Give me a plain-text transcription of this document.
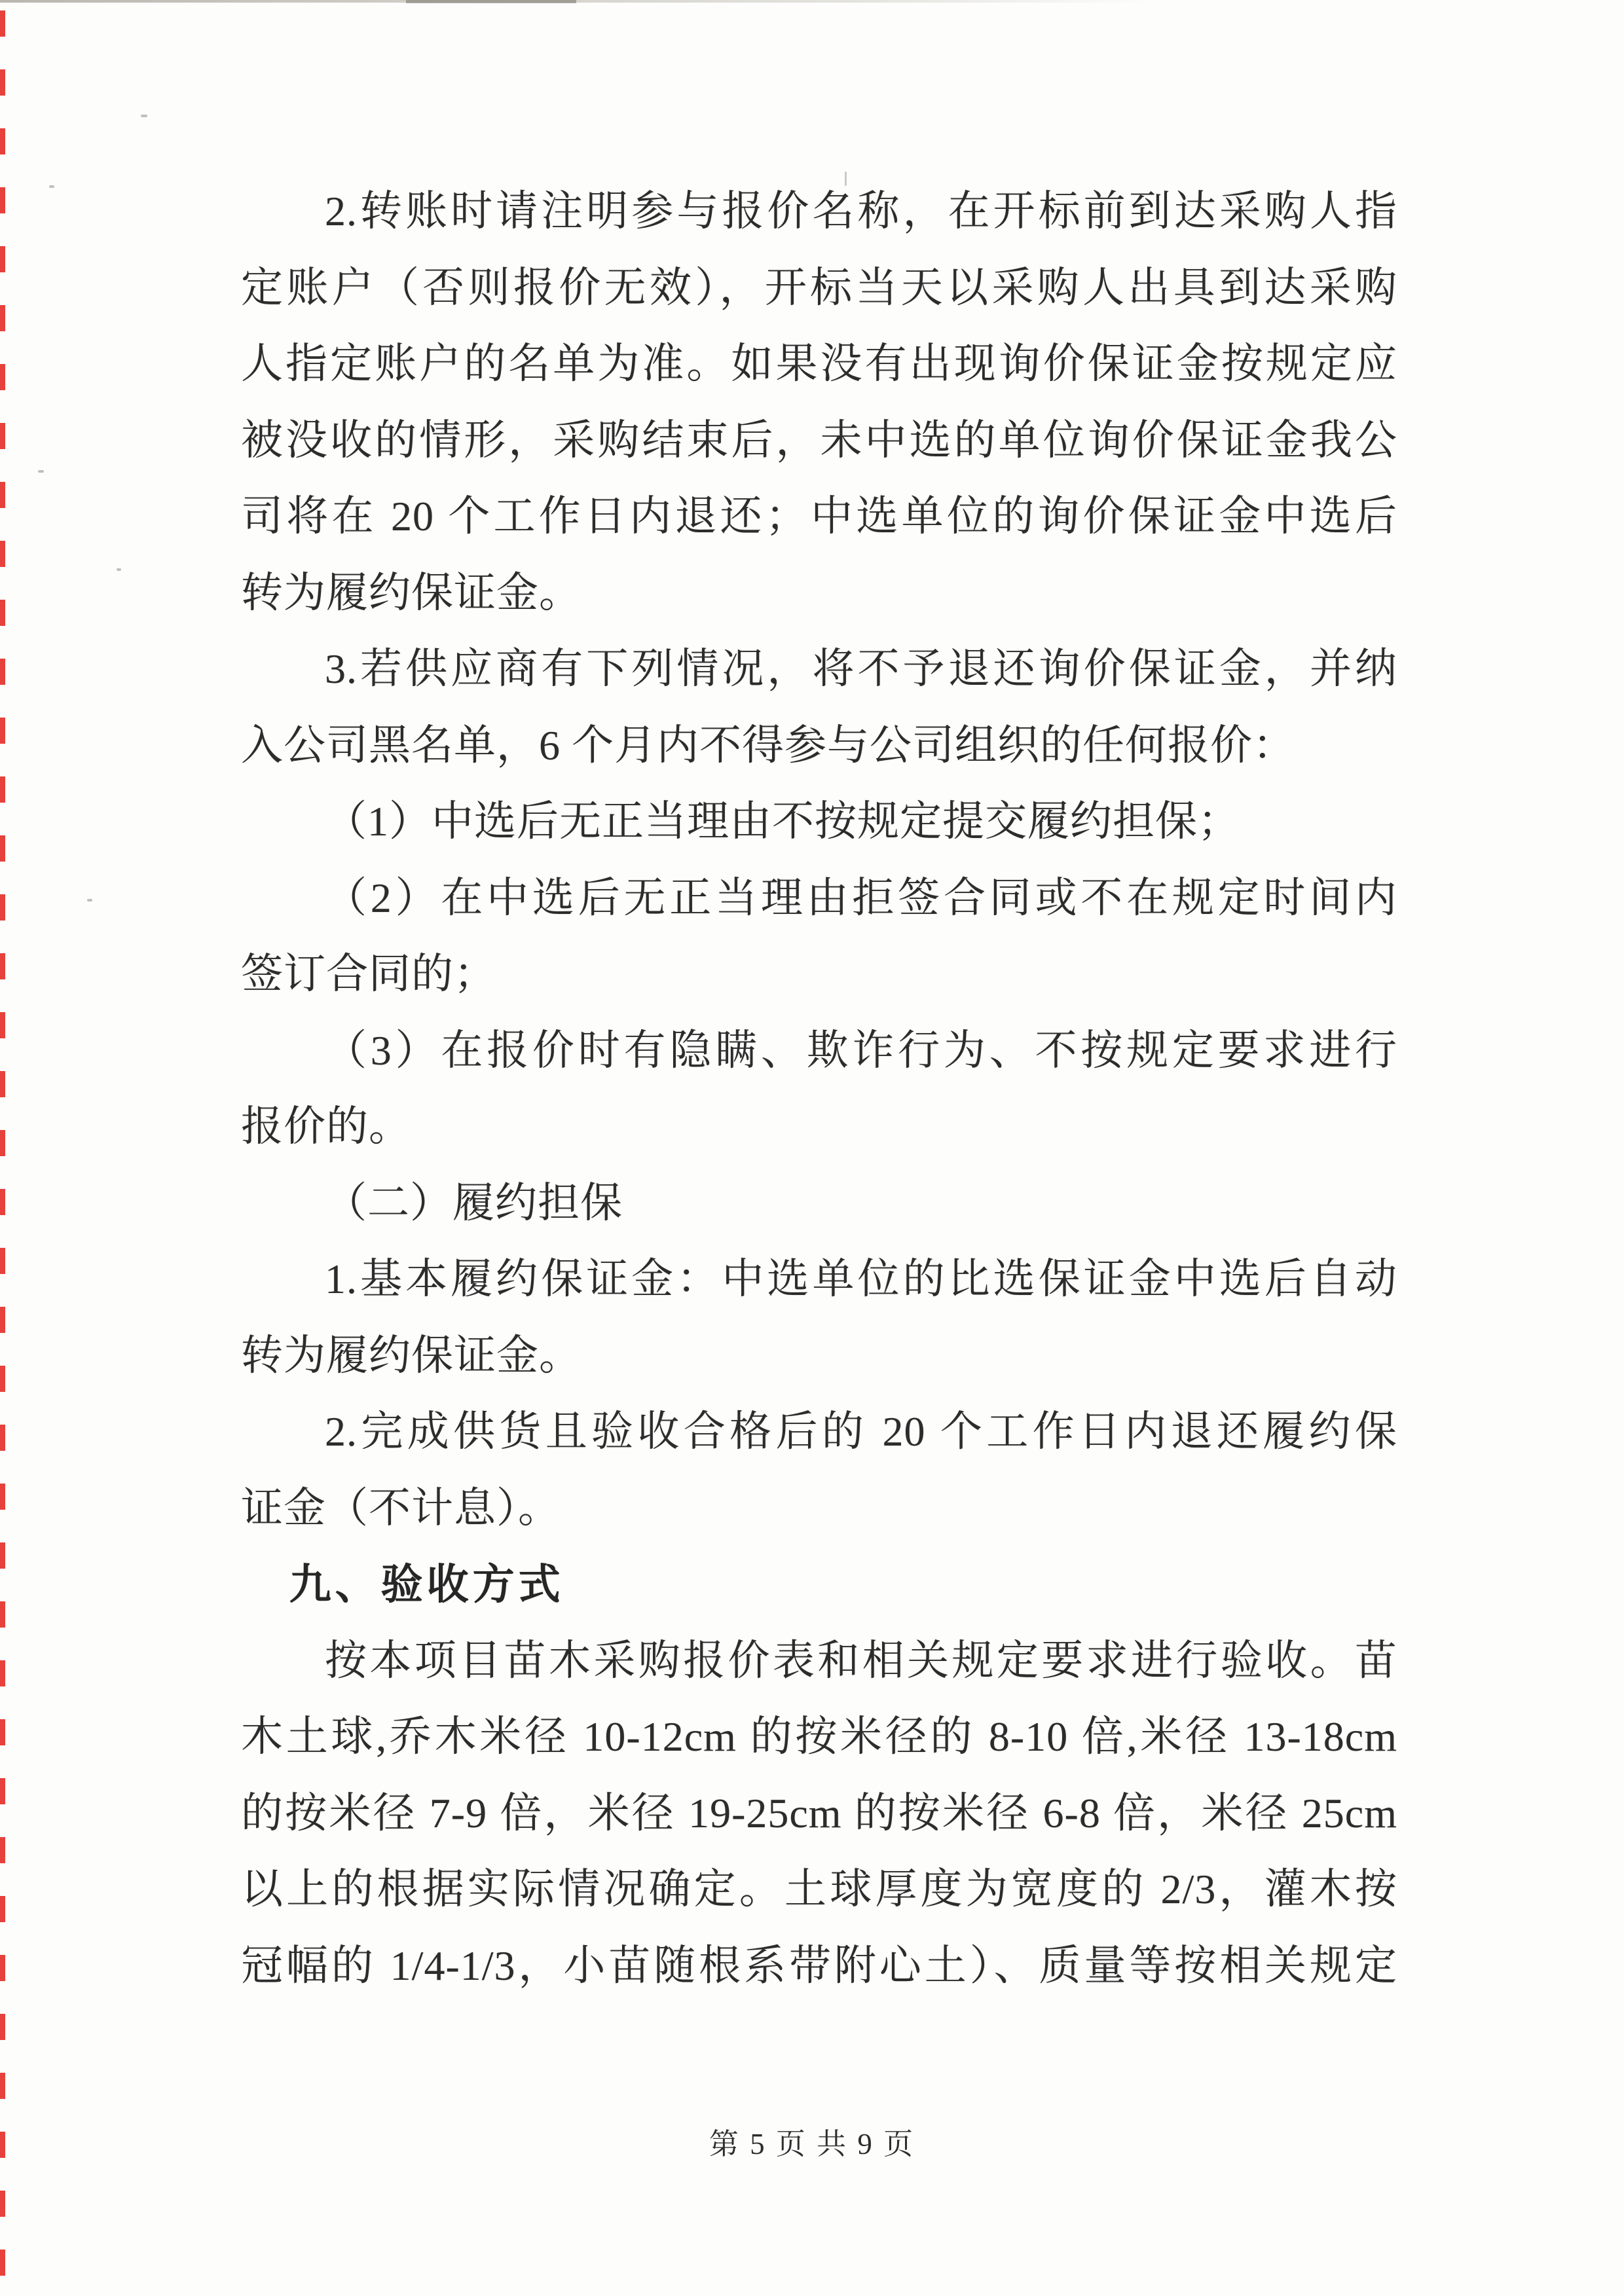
2.转账时请注明参与报价名称，在开标前到达采购人指
定账户（否则报价无效），开标当天以采购人出具到达采购
人指定账户的名单为准。如果没有出现询价保证金按规定应
被没收的情形，采购结束后，未中选的单位询价保证金我公
司将在 20 个工作日内退还；中选单位的询价保证金中选后
转为履约保证金。
3.若供应商有下列情况，将不予退还询价保证金，并纳
入公司黑名单，6 个月内不得参与公司组织的任何报价：
（1）中选后无正当理由不按规定提交履约担保；
（2）在中选后无正当理由拒签合同或不在规定时间内
签订合同的；
（3）在报价时有隐瞒、欺诈行为、不按规定要求进行
报价的。
（二）履约担保
1.基本履约保证金：中选单位的比选保证金中选后自动
转为履约保证金。
2.完成供货且验收合格后的 20 个工作日内退还履约保
证金（不计息）。
九、验收方式
按本项目苗木采购报价表和相关规定要求进行验收。苗
木土球,乔木米径 10-12cm 的按米径的 8-10 倍,米径 13-18cm
的按米径 7-9 倍，米径 19-25cm 的按米径 6-8 倍，米径 25cm
以上的根据实际情况确定。土球厚度为宽度的 2/3，灌木按
冠幅的 1/4-1/3，小苗随根系带附心土）、质量等按相关规定
第 5 页 共 9 页
